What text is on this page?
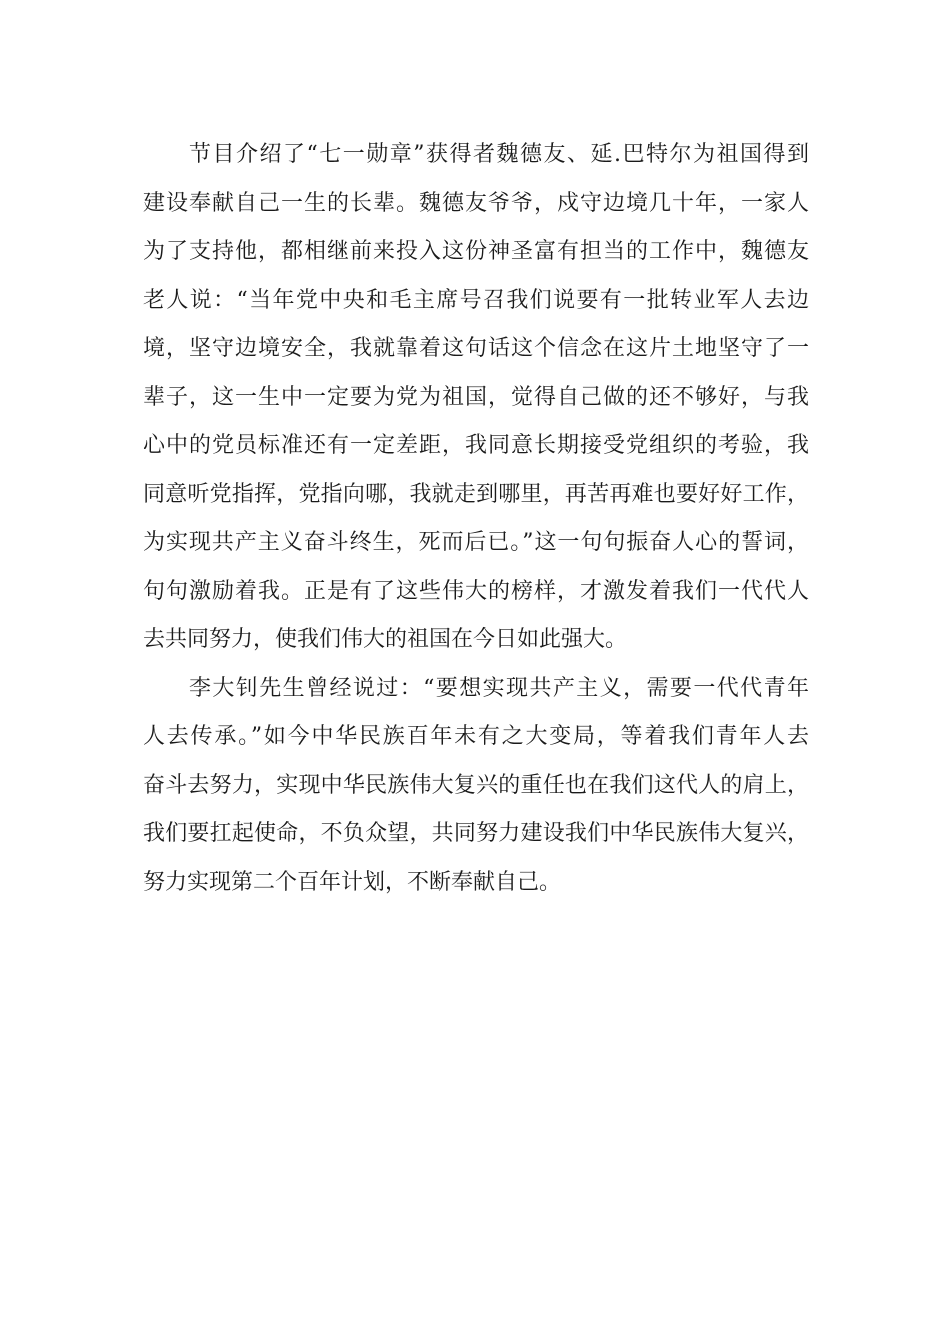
节目介绍了“七一勋章”获得者魏德友、延.巴特尔为祖国得到
建设奉献自己一生的长辈。魏德友爷爷，戍守边境几十年，一家人
为了支持他，都相继前来投入这份神圣富有担当的工作中，魏德友
老人说：“当年党中央和毛主席号召我们说要有一批转业军人去边
境，坚守边境安全，我就靠着这句话这个信念在这片土地坚守了一
辈子，这一生中一定要为党为祖国，觉得自己做的还不够好，与我
心中的党员标准还有一定差距，我同意长期接受党组织的考验，我
同意听党指挥，党指向哪，我就走到哪里，再苦再难也要好好工作，
为实现共产主义奋斗终生，死而后已。”这一句句振奋人心的誓词，
句句激励着我。正是有了这些伟大的榜样，才激发着我们一代代人
去共同努力，使我们伟大的祖国在今日如此强大。
李大钊先生曾经说过：“要想实现共产主义，需要一代代青年
人去传承。”如今中华民族百年未有之大变局，等着我们青年人去
奋斗去努力，实现中华民族伟大复兴的重任也在我们这代人的肩上，
我们要扛起使命，不负众望，共同努力建设我们中华民族伟大复兴，
努力实现第二个百年计划，不断奉献自己。
